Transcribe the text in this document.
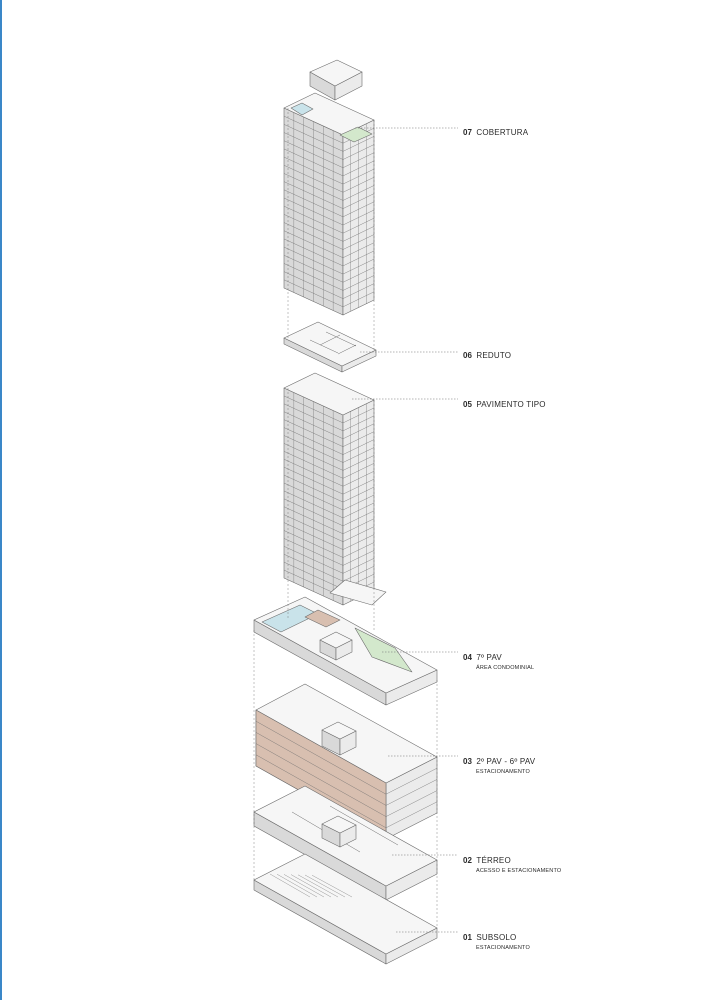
07 COBERTURA
06 REDUTO
05 PAVIMENTO TIPO
04 7º PAV
ÁREA CONDOMINIAL
03 2º PAV - 6º PAV
ESTACIONAMENTO
02 TÉRREO
ACESSO E ESTACIONAMENTO
01 SUBSOLO
ESTACIONAMENTO
